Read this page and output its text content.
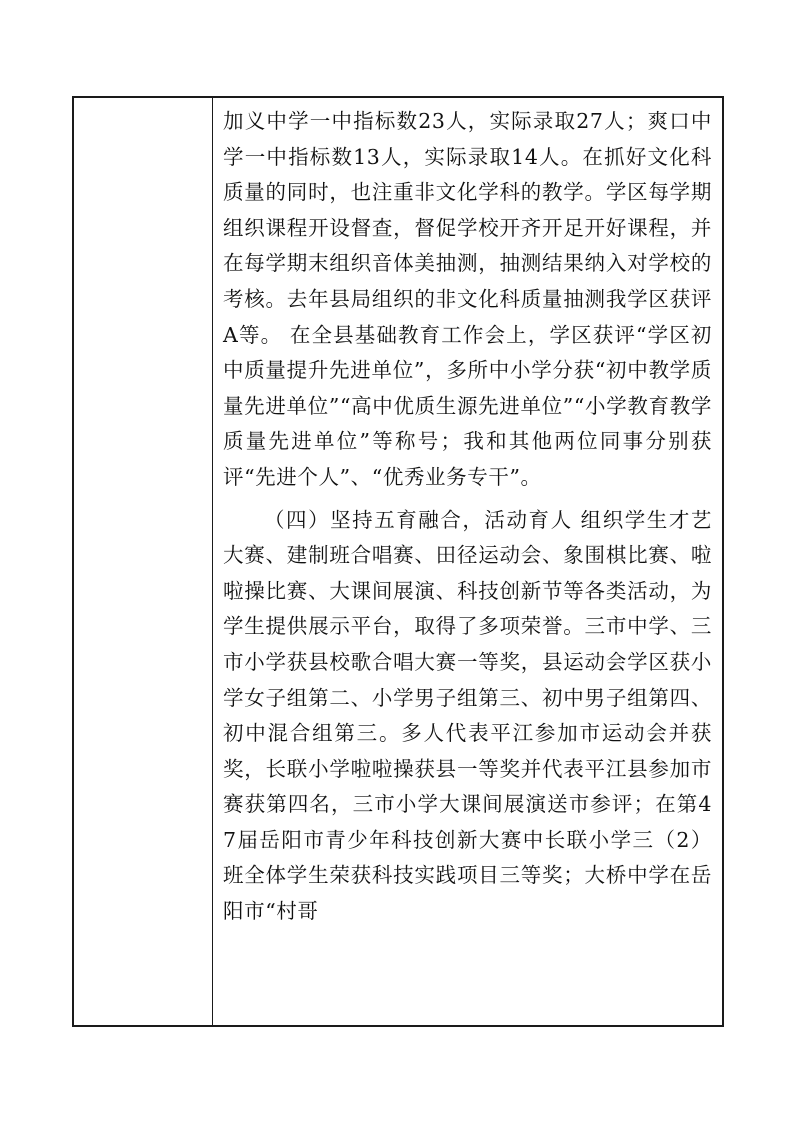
加义中学一中指标数23人，实际录取27人；爽口中学一中指标数13人，实际录取14人。在抓好文化科质量的同时，也注重非文化学科的教学。学区每学期组织课程开设督查，督促学校开齐开足开好课程，并在每学期末组织音体美抽测，抽测结果纳入对学校的考核。去年县局组织的非文化科质量抽测我学区获评A等。 在全县基础教育工作会上，学区获评“学区初中质量提升先进单位”，多所中小学分获“初中教学质量先进单位”“高中优质生源先进单位”“小学教育教学质量先进单位”等称号；我和其他两位同事分别获评“先进个人”、“优秀业务专干”。

（四）坚持五育融合，活动育人 组织学生才艺大赛、建制班合唱赛、田径运动会、象围棋比赛、啦啦操比赛、大课间展演、科技创新节等各类活动，为学生提供展示平台，取得了多项荣誉。三市中学、三市小学获县校歌合唱大赛一等奖，县运动会学区获小学女子组第二、小学男子组第三、初中男子组第四、初中混合组第三。多人代表平江参加市运动会并获奖，长联小学啦啦操获县一等奖并代表平江县参加市赛获第四名，三市小学大课间展演送市参评；在第47届岳阳市青少年科技创新大赛中长联小学三（2）班全体学生荣获科技实践项目三等奖；大桥中学在岳阳市“村哥
